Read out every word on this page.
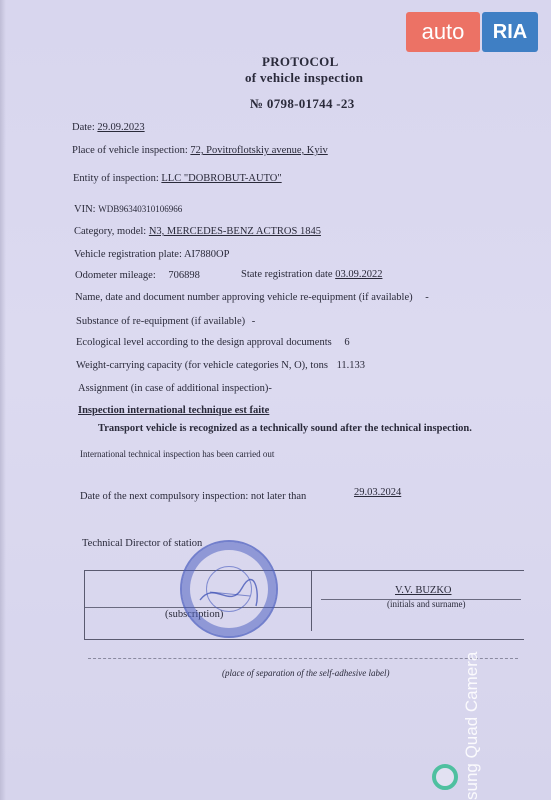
auto	RIA
PROTOCOL
of vehicle inspection
№ 0798-01744 -23
Date: 29.09.2023
Place of vehicle inspection: 72, Povitroflotskiy avenue, Kyiv
Entity of inspection: LLC "DOBROBUT-AUTO"
VIN: WDB96340310106966
Category, model: N3, MERCEDES-BENZ ACTROS 1845
Vehicle registration plate: AI7880OP
Odometer mileage: 706898	State registration date 03.09.2022
Name, date and document number approving vehicle re-equipment (if available) -
Substance of re-equipment (if available) -
Ecological level according to the design approval documents 6
Weight-carrying capacity (for vehicle categories N, O), tons 11.133
Assignment (in case of additional inspection)-
Inspection international technique est faite
Transport vehicle is recognized as a technically sound after the technical inspection.
International technical inspection has been carried out
Date of the next compulsory inspection: not later than	29.03.2024
Technical Director of station
(subscription)
V.V. BUZKO
(initials and surname)
(place of separation of the self-adhesive label)	sung Quad Camera
